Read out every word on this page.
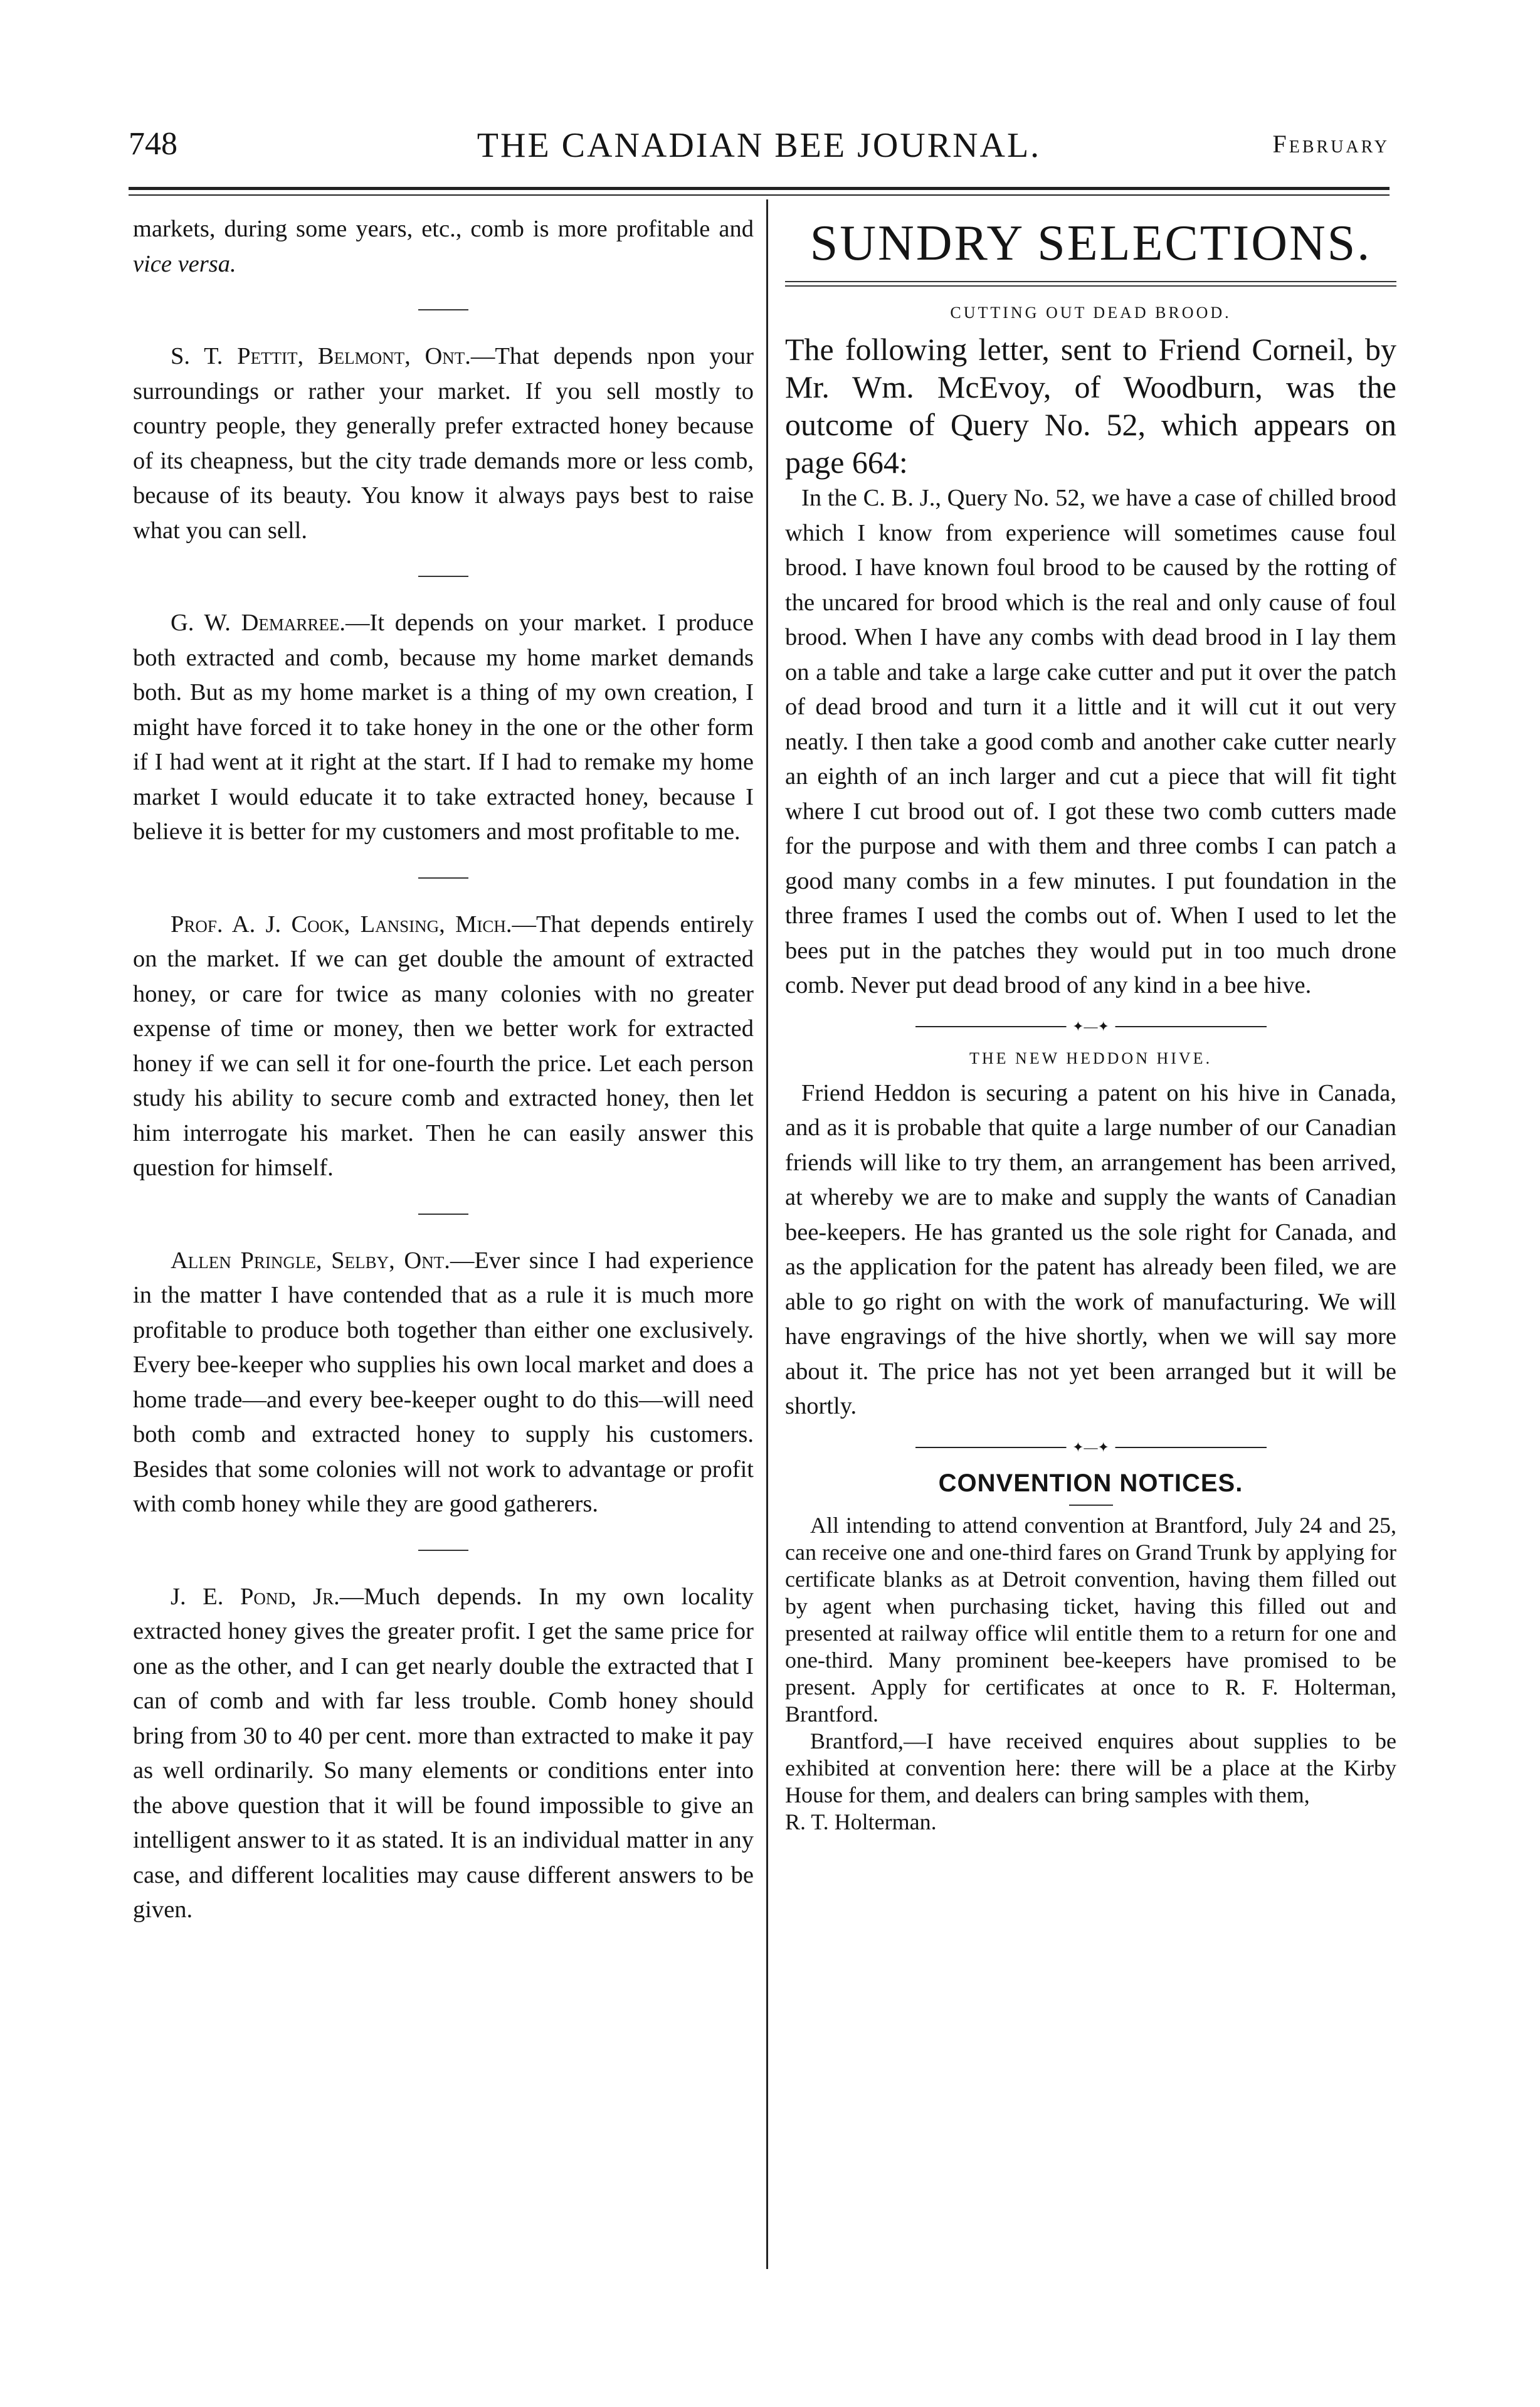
748	THE CANADIAN BEE JOURNAL.	February

markets, during some years, etc., comb is more profitable and vice versa.

S. T. Pettit, Belmont, Ont.—That depends npon your surroundings or rather your market. If you sell mostly to country people, they generally prefer extracted honey because of its cheapness, but the city trade demands more or less comb, because of its beauty. You know it always pays best to raise what you can sell.

G. W. Demarree.—It depends on your market. I produce both extracted and comb, because my home market demands both. But as my home market is a thing of my own creation, I might have forced it to take honey in the one or the other form if I had went at it right at the start. If I had to remake my home market I would educate it to take extracted honey, because I believe it is better for my customers and most profitable to me.

Prof. A. J. Cook, Lansing, Mich.—That depends entirely on the market. If we can get double the amount of extracted honey, or care for twice as many colonies with no greater expense of time or money, then we better work for extracted honey if we can sell it for one-fourth the price. Let each person study his ability to secure comb and extracted honey, then let him interrogate his market. Then he can easily answer this question for himself.

Allen Pringle, Selby, Ont.—Ever since I had experience in the matter I have contended that as a rule it is much more profitable to produce both together than either one exclusively. Every bee-keeper who supplies his own local market and does a home trade—and every bee-keeper ought to do this—will need both comb and extracted honey to supply his customers. Besides that some colonies will not work to advantage or profit with comb honey while they are good gatherers.

J. E. Pond, Jr.—Much depends. In my own locality extracted honey gives the greater profit. I get the same price for one as the other, and I can get nearly double the extracted that I can of comb and with far less trouble. Comb honey should bring from 30 to 40 per cent. more than extracted to make it pay as well ordinarily. So many elements or conditions enter into the above question that it will be found impossible to give an intelligent answer to it as stated. It is an individual matter in any case, and different localities may cause different answers to be given.

SUNDRY SELECTIONS.

CUTTING OUT DEAD BROOD.

The following letter, sent to Friend Corneil, by Mr. Wm. McEvoy, of Woodburn, was the outcome of Query No. 52, which appears on page 664:

In the C. B. J., Query No. 52, we have a case of chilled brood which I know from experience will sometimes cause foul brood. I have known foul brood to be caused by the rotting of the uncared for brood which is the real and only cause of foul brood. When I have any combs with dead brood in I lay them on a table and take a large cake cutter and put it over the patch of dead brood and turn it a little and it will cut it out very neatly. I then take a good comb and another cake cutter nearly an eighth of an inch larger and cut a piece that will fit tight where I cut brood out of. I got these two comb cutters made for the purpose and with them and three combs I can patch a good many combs in a few minutes. I put foundation in the three frames I used the combs out of. When I used to let the bees put in the patches they would put in too much drone comb. Never put dead brood of any kind in a bee hive.

✦—✦

THE NEW HEDDON HIVE.

Friend Heddon is securing a patent on his hive in Canada, and as it is probable that quite a large number of our Canadian friends will like to try them, an arrangement has been arrived, at whereby we are to make and supply the wants of Canadian bee-keepers. He has granted us the sole right for Canada, and as the application for the patent has already been filed, we are able to go right on with the work of manufacturing. We will have engravings of the hive shortly, when we will say more about it. The price has not yet been arranged but it will be shortly.

✦—✦

CONVENTION NOTICES.

All intending to attend convention at Brantford, July 24 and 25, can receive one and one-third fares on Grand Trunk by applying for certificate blanks as at Detroit convention, having them filled out by agent when purchasing ticket, having this filled out and presented at railway office wlil entitle them to a return for one and one-third. Many prominent bee-keepers have promised to be present. Apply for certificates at once to R. F. Holterman, Brantford.

Brantford,—I have received enquires about supplies to be exhibited at convention here: there will be a place at the Kirby House for them, and dealers can bring samples with them,

R. T. Holterman.
